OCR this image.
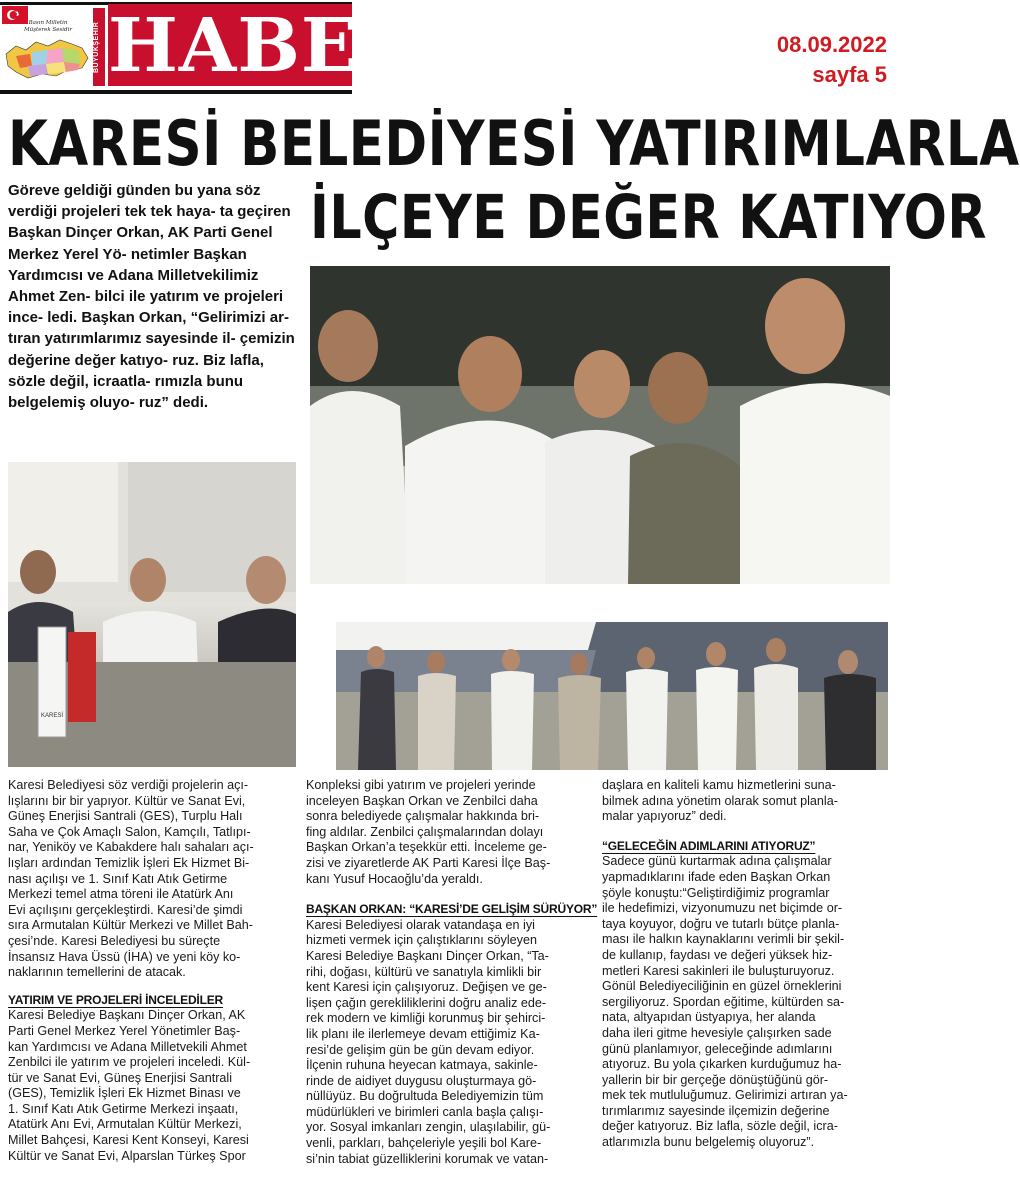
Basın Milletin Müşterek Sesidir	BÜYÜKŞEHİR HABER	08.09.2022
sayfa 5
KARESİ BELEDİYESİ YATIRIMLARLA
İLÇEYE DEĞER KATIYOR
Göreve geldiği günden bu yana söz verdiği projeleri tek tek haya- ta geçiren Başkan Dinçer Orkan, AK Parti Genel Merkez Yerel Yö- netimler Başkan Yardımcısı ve Adana Milletvekilimiz Ahmet Zen- bilci ile yatırım ve projeleri ince- ledi. Başkan Orkan, “Gelirimizi ar- tıran yatırımlarımız sayesinde il- çemizin değerine değer katıyo- ruz. Biz lafla, sözle değil, icraatla- rımızla bunu belgelemiş oluyo- ruz” dedi.
KARESİ
Karesi Belediyesi söz verdiği projelerin açı-
lışlarını bir bir yapıyor. Kültür ve Sanat Evi,
Güneş Enerjisi Santrali (GES), Turplu Halı
Saha ve Çok Amaçlı Salon, Kamçılı, Tatlıpı-
nar, Yeniköy ve Kabakdere halı sahaları açı-
lışları ardından Temizlik İşleri Ek Hizmet Bi-
nası açılışı ve 1. Sınıf Katı Atık Getirme
Merkezi temel atma töreni ile Atatürk Anı
Evi açılışını gerçekleştirdi. Karesi’de şimdi
sıra Armutalan Kültür Merkezi ve Millet Bah-
çesi’nde. Karesi Belediyesi bu süreçte
İnsansız Hava Üssü (İHA) ve yeni köy ko-
naklarının temellerini de atacak.
YATIRIM VE PROJELERİ İNCELEDİLER
Karesi Belediye Başkanı Dinçer Orkan, AK
Parti Genel Merkez Yerel Yönetimler Baş-
kan Yardımcısı ve Adana Milletvekili Ahmet
Zenbilci ile yatırım ve projeleri inceledi. Kül-
tür ve Sanat Evi, Güneş Enerjisi Santrali
(GES), Temizlik İşleri Ek Hizmet Binası ve
1. Sınıf Katı Atık Getirme Merkezi inşaatı,
Atatürk Anı Evi, Armutalan Kültür Merkezi,
Millet Bahçesi, Karesi Kent Konseyi, Karesi
Kültür ve Sanat Evi, Alparslan Türkeş Spor
Konpleksi gibi yatırım ve projeleri yerinde
inceleyen Başkan Orkan ve Zenbilci daha
sonra belediyede çalışmalar hakkında bri-
fing aldılar. Zenbilci çalışmalarından dolayı
Başkan Orkan’a teşekkür etti. İnceleme ge-
zisi ve ziyaretlerde AK Parti Karesi İlçe Baş-
kanı Yusuf Hocaoğlu’da yeraldı.
BAŞKAN ORKAN: “KARESİ’DE GELİŞİM SÜRÜYOR”
Karesi Belediyesi olarak vatandaşa en iyi
hizmeti vermek için çalıştıklarını söyleyen
Karesi Belediye Başkanı Dinçer Orkan, “Ta-
rihi, doğası, kültürü ve sanatıyla kimlikli bir
kent Karesi için çalışıyoruz. Değişen ve ge-
lişen çağın gerekliliklerini doğru analiz ede-
rek modern ve kimliği korunmuş bir şehirci-
lik planı ile ilerlemeye devam ettiğimiz Ka-
resi’de gelişim gün be gün devam ediyor.
İlçenin ruhuna heyecan katmaya, sakinle-
rinde de aidiyet duygusu oluşturmaya gö-
nüllüyüz. Bu doğrultuda Belediyemizin tüm
müdürlükleri ve birimleri canla başla çalışı-
yor. Sosyal imkanları zengin, ulaşılabilir, gü-
venli, parkları, bahçeleriyle yeşili bol Kare-
si’nin tabiat güzelliklerini korumak ve vatan-
daşlara en kaliteli kamu hizmetlerini suna-
bilmek adına yönetim olarak somut planla-
malar yapıyoruz” dedi.
“GELECEĞİN ADIMLARINI ATIYORUZ”
Sadece günü kurtarmak adına çalışmalar
yapmadıklarını ifade eden Başkan Orkan
şöyle konuştu:“Geliştirdiğimiz programlar
ile hedefimizi, vizyonumuzu net biçimde or-
taya koyuyor, doğru ve tutarlı bütçe planla-
ması ile halkın kaynaklarını verimli bir şekil-
de kullanıp, faydası ve değeri yüksek hiz-
metleri Karesi sakinleri ile buluşturuyoruz.
Gönül Belediyeciliğinin en güzel örneklerini
sergiliyoruz. Spordan eğitime, kültürden sa-
nata, altyapıdan üstyapıya, her alanda
daha ileri gitme hevesiyle çalışırken sade
günü planlamıyor, geleceğinde adımlarını
atıyoruz. Bu yola çıkarken kurduğumuz ha-
yallerin bir bir gerçeğe dönüştüğünü gör-
mek tek mutluluğumuz. Gelirimizi artıran ya-
tırımlarımız sayesinde ilçemizin değerine
değer katıyoruz. Biz lafla, sözle değil, icra-
atlarımızla bunu belgelemiş oluyoruz”.
